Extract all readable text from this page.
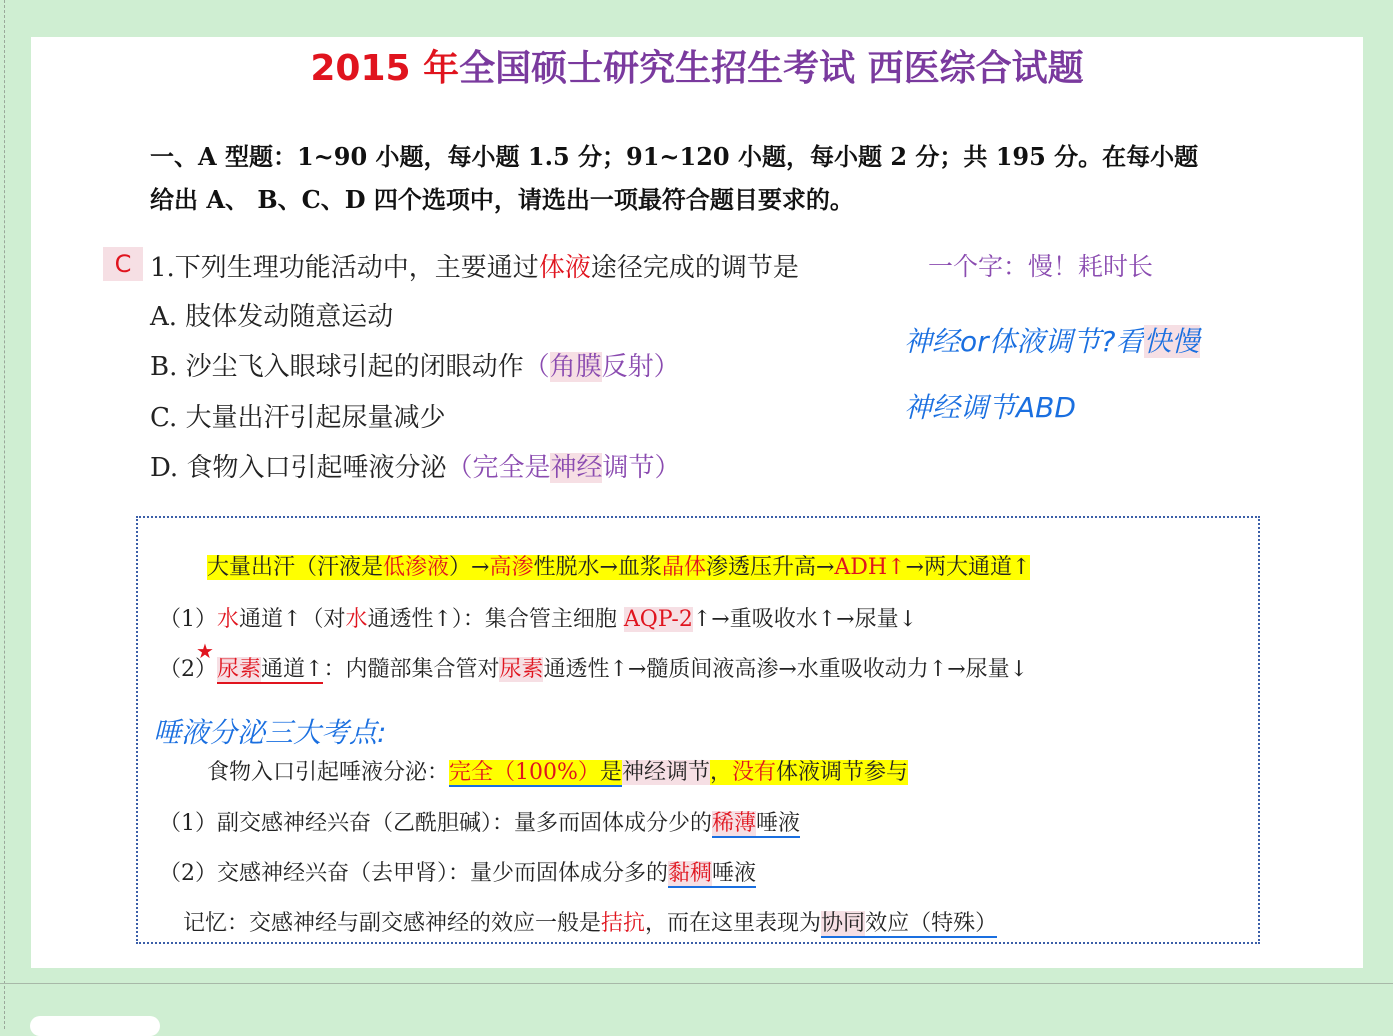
2015 年全国硕士研究生招生考试 西医综合试题
一、A 型题：1~90 小题，每小题 1.5 分；91~120 小题，每小题 2 分；共 195 分。在每小题
给出 A、 B、C、D 四个选项中，请选出一项最符合题目要求的。
C 1.下列生理功能活动中，主要通过体液途径完成的调节是
A. 肢体发动随意运动
B. 沙尘飞入眼球引起的闭眼动作（角膜反射）
C. 大量出汗引起尿量减少
D. 食物入口引起唾液分泌（完全是神经调节）
一个字：慢！耗时长
神经or体液调节?看快慢
神经调节ABD
大量出汗（汗液是低渗液）→高渗性脱水→血浆晶体渗透压升高→ADH↑→两大通道↑
（1）水通道↑（对水通透性↑）：集合管主细胞 AQP-2↑→重吸收水↑→尿量↓
★
（2）尿素通道↑：内髓部集合管对尿素通透性↑→髓质间液高渗→水重吸收动力↑→尿量↓
唾液分泌三大考点:
食物入口引起唾液分泌：完全（100%）是神经调节，没有体液调节参与
（1）副交感神经兴奋（乙酰胆碱）：量多而固体成分少的稀薄唾液
（2）交感神经兴奋（去甲肾）：量少而固体成分多的黏稠唾液
记忆：交感神经与副交感神经的效应一般是拮抗，而在这里表现为协同效应（特殊）
